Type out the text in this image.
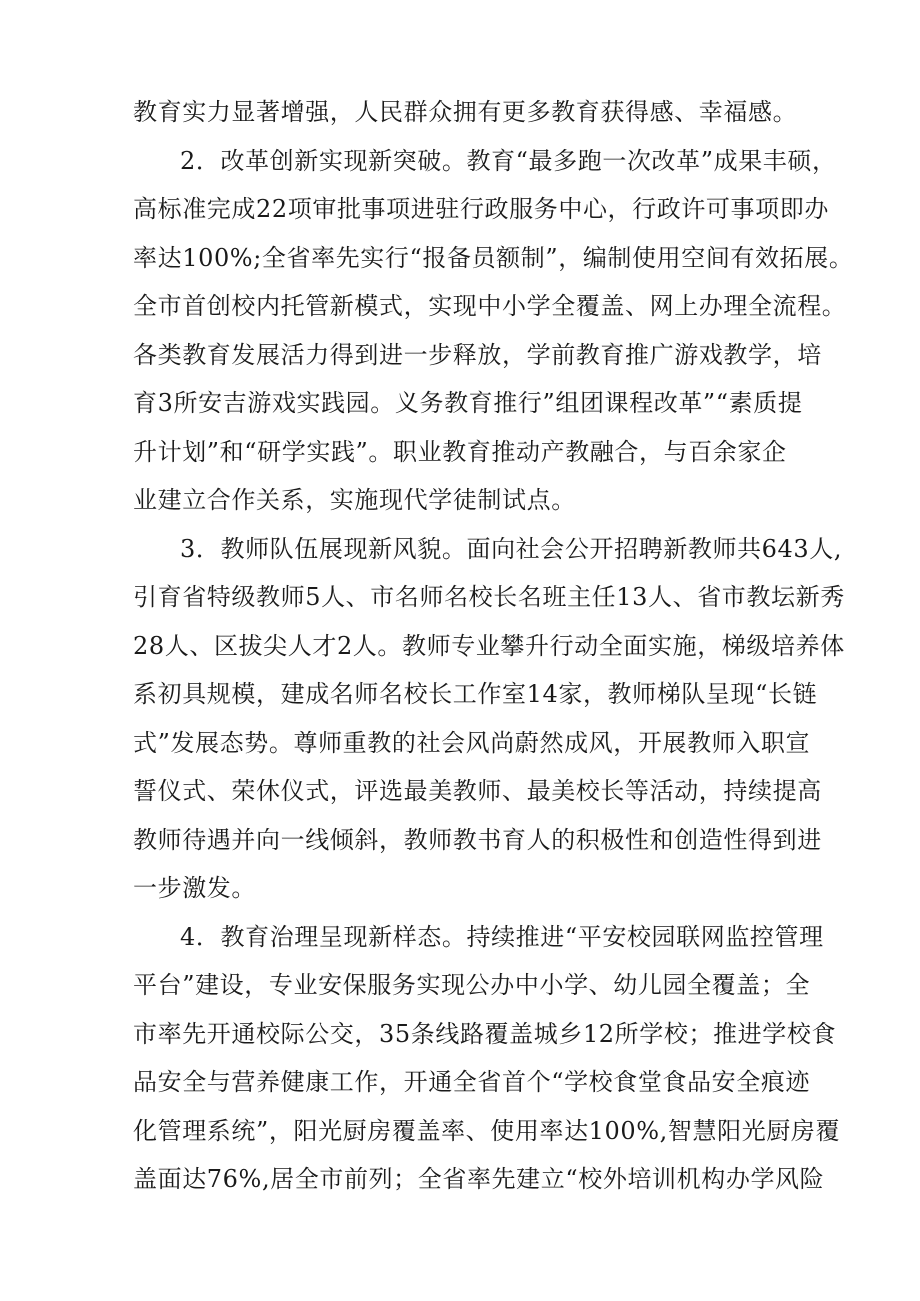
教育实力显著增强，人民群众拥有更多教育获得感、幸福感。
2．改革创新实现新突破。教育“最多跑一次改革”成果丰硕，
高标准完成22项审批事项进驻行政服务中心，行政许可事项即办
率达100%;全省率先实行“报备员额制”，编制使用空间有效拓展。
全市首创校内托管新模式，实现中小学全覆盖、网上办理全流程。
各类教育发展活力得到进一步释放，学前教育推广游戏教学，培
育3所安吉游戏实践园。义务教育推行”组团课程改革”“素质提
升计划”和“研学实践”。职业教育推动产教融合，与百余家企
业建立合作关系，实施现代学徒制试点。
3．教师队伍展现新风貌。面向社会公开招聘新教师共643人,
引育省特级教师5人、市名师名校长名班主任13人、省市教坛新秀
28人、区拔尖人才2人。教师专业攀升行动全面实施，梯级培养体
系初具规模，建成名师名校长工作室14家，教师梯队呈现“长链
式”发展态势。尊师重教的社会风尚蔚然成风，开展教师入职宣
誓仪式、荣休仪式，评选最美教师、最美校长等活动，持续提高
教师待遇并向一线倾斜，教师教书育人的积极性和创造性得到进
一步激发。
4．教育治理呈现新样态。持续推进“平安校园联网监控管理
平台”建设，专业安保服务实现公办中小学、幼儿园全覆盖；全
市率先开通校际公交，35条线路覆盖城乡12所学校；推进学校食
品安全与营养健康工作，开通全省首个“学校食堂食品安全痕迹
化管理系统”，阳光厨房覆盖率、使用率达100%,智慧阳光厨房覆
盖面达76%,居全市前列；全省率先建立“校外培训机构办学风险
